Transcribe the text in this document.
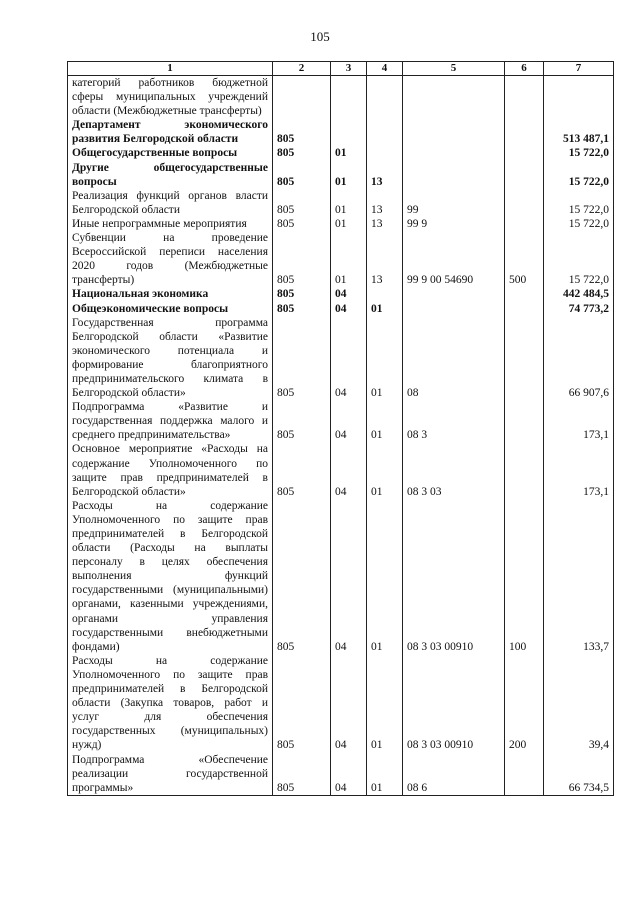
105
1	2	3	4	5	6	7
категорий работников бюджетной сферы муниципальных учреждений области (Межбюджетные трансферты)						
Департамент экономического развития Белгородской области	805					513 487,1
Общегосударственные вопросы	805	01				15 722,0
Другие общегосударственные вопросы	805	01	13			15 722,0
Реализация функций органов власти Белгородской области	805	01	13	99		15 722,0
Иные непрограммные мероприятия	805	01	13	99 9		15 722,0
Субвенции на проведение Всероссийской переписи населения 2020 годов (Межбюджетные трансферты)	805	01	13	99 9 00 54690	500	15 722,0
Национальная экономика	805	04				442 484,5
Общеэкономические вопросы	805	04	01			74 773,2
Государственная программа Белгородской области «Развитие экономического потенциала и формирование благоприятного предпринимательского климата в Белгородской области»	805	04	01	08		66 907,6
Подпрограмма «Развитие и государственная поддержка малого и среднего предпринимательства»	805	04	01	08 3		173,1
Основное мероприятие «Расходы на содержание Уполномоченного по защите прав предпринимателей в Белгородской области»	805	04	01	08 3 03		173,1
Расходы на содержание Уполномоченного по защите прав предпринимателей в Белгородской области (Расходы на выплаты персоналу в целях обеспечения выполнения функций государственными (муниципальными) органами, казенными учреждениями, органами управления государственными внебюджетными фондами)	805	04	01	08 3 03 00910	100	133,7
Расходы на содержание Уполномоченного по защите прав предпринимателей в Белгородской области (Закупка товаров, работ и услуг для обеспечения государственных (муниципальных) нужд)	805	04	01	08 3 03 00910	200	39,4
Подпрограмма «Обеспечение реализации государственной программы»	805	04	01	08 6		66 734,5
